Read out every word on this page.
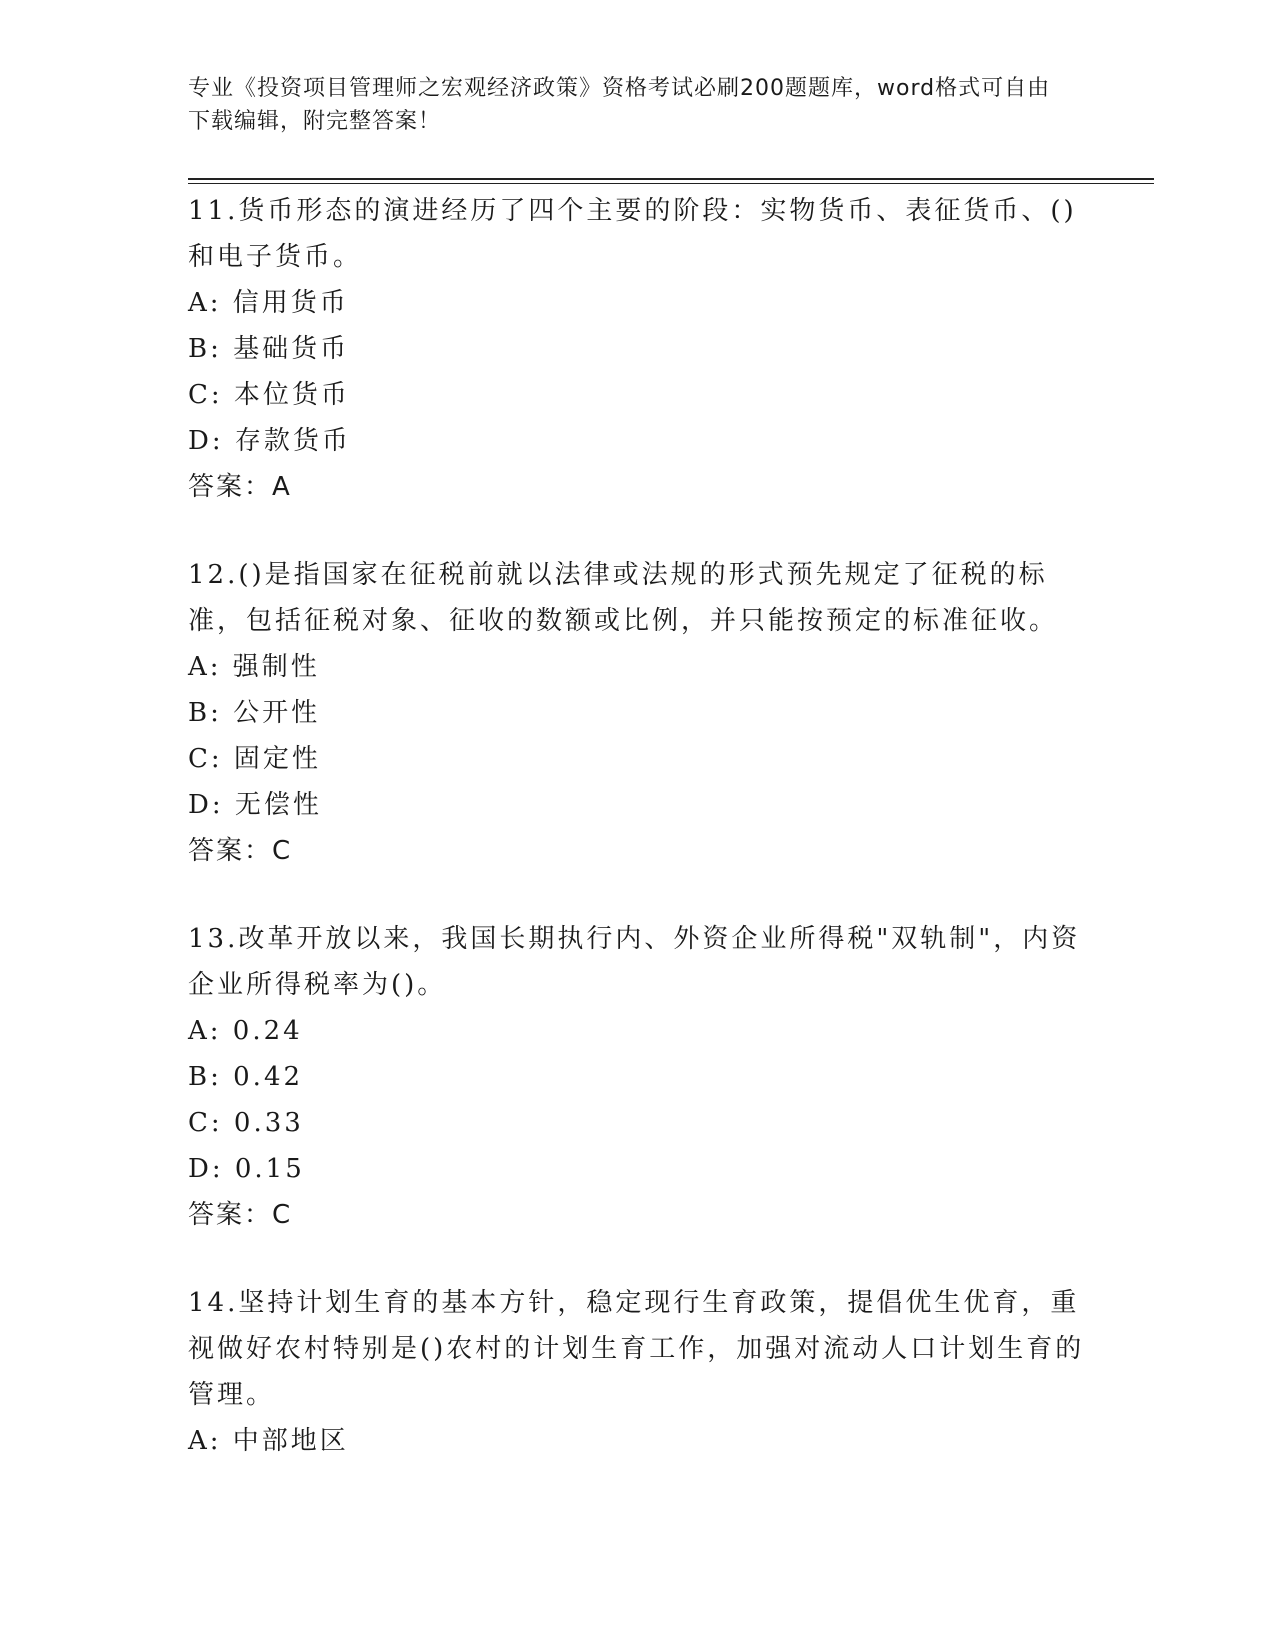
专业《投资项目管理师之宏观经济政策》资格考试必刷200题题库，word格式可自由下载编辑，附完整答案！

11.货币形态的演进经历了四个主要的阶段：实物货币、表征货币、()和电子货币。

A: 信用货币

B: 基础货币

C: 本位货币

D: 存款货币

答案：A

12.()是指国家在征税前就以法律或法规的形式预先规定了征税的标准，包括征税对象、征收的数额或比例，并只能按预定的标准征收。

A: 强制性

B: 公开性

C: 固定性

D: 无偿性

答案：C

13.改革开放以来，我国长期执行内、外资企业所得税"双轨制"，内资企业所得税率为()。

A: 0.24

B: 0.42

C: 0.33

D: 0.15

答案：C

14.坚持计划生育的基本方针，稳定现行生育政策，提倡优生优育，重视做好农村特别是()农村的计划生育工作，加强对流动人口计划生育的管理。

A: 中部地区
